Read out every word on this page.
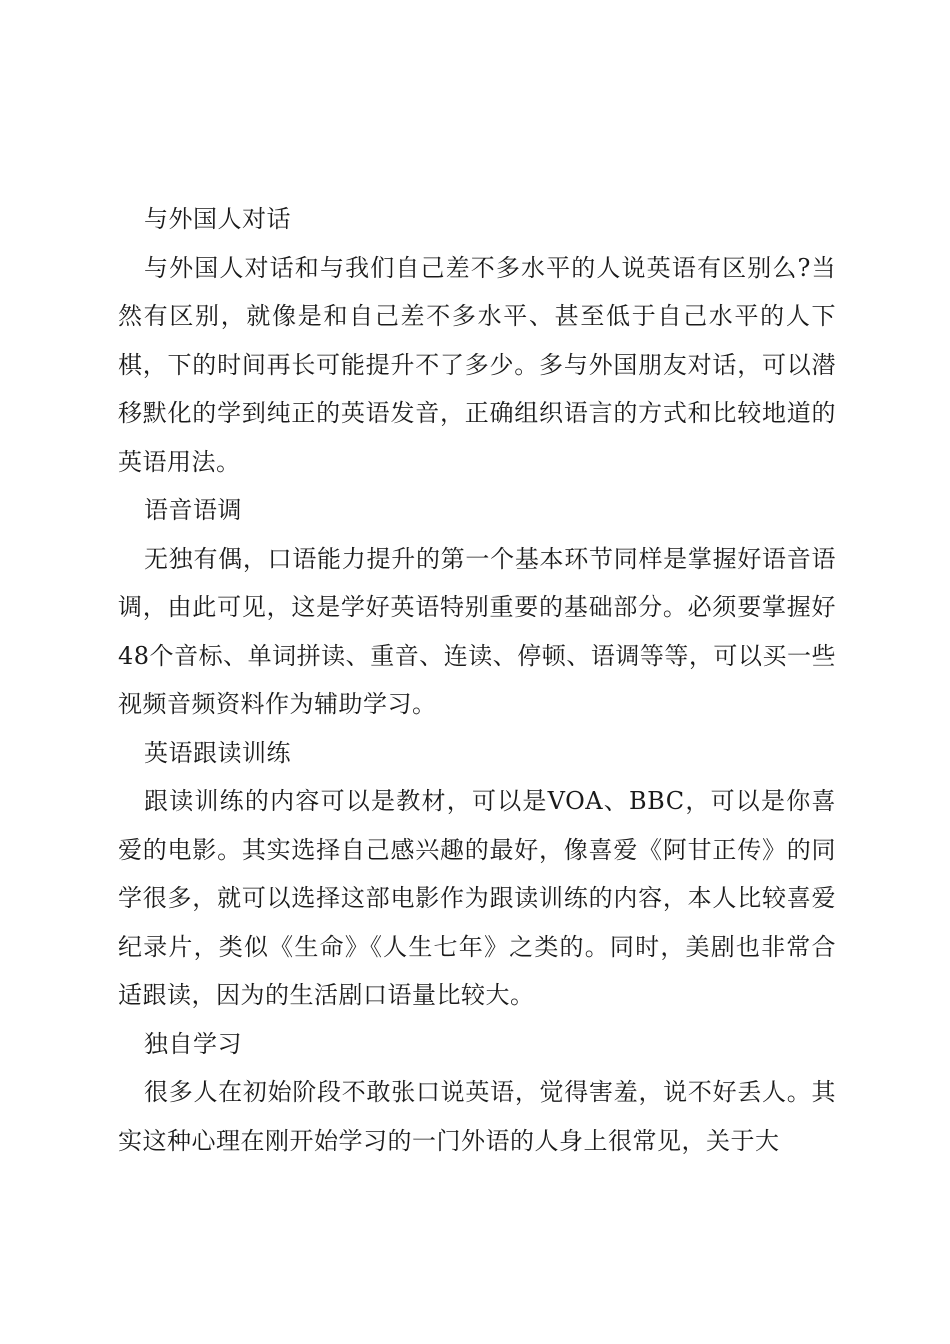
与外国人对话

与外国人对话和与我们自己差不多水平的人说英语有区别么?当然有区别，就像是和自己差不多水平、甚至低于自己水平的人下棋，下的时间再长可能提升不了多少。多与外国朋友对话，可以潜移默化的学到纯正的英语发音，正确组织语言的方式和比较地道的英语用法。

语音语调

无独有偶，口语能力提升的第一个基本环节同样是掌握好语音语调，由此可见，这是学好英语特别重要的基础部分。必须要掌握好48个音标、单词拼读、重音、连读、停顿、语调等等，可以买一些视频音频资料作为辅助学习。

英语跟读训练

跟读训练的内容可以是教材，可以是VOA、BBC，可以是你喜爱的电影。其实选择自己感兴趣的最好，像喜爱《阿甘正传》的同学很多，就可以选择这部电影作为跟读训练的内容，本人比较喜爱纪录片，类似《生命》《人生七年》之类的。同时，美剧也非常合适跟读，因为的生活剧口语量比较大。

独自学习

很多人在初始阶段不敢张口说英语，觉得害羞，说不好丢人。其实这种心理在刚开始学习的一门外语的人身上很常见，关于大
